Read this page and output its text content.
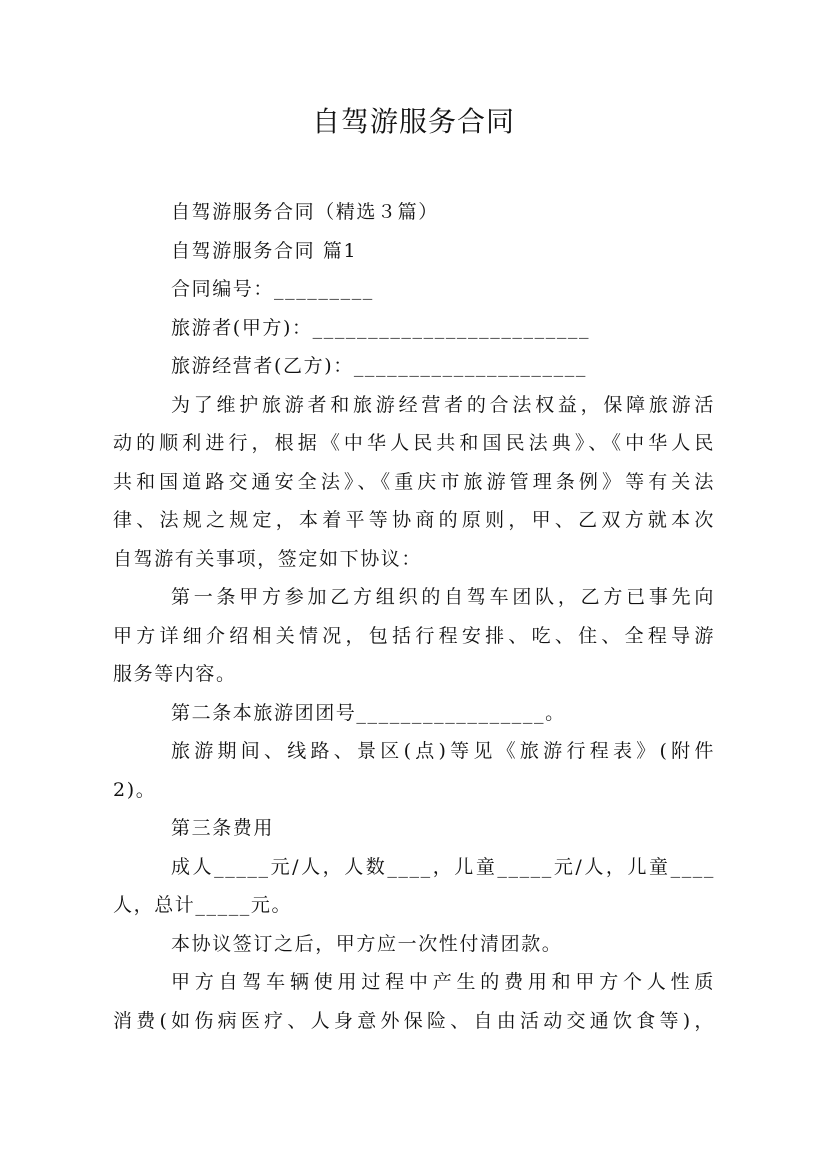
自驾游服务合同
自驾游服务合同（精选３篇）
自驾游服务合同 篇1
合同编号：_________
旅游者(甲方)：_________________________
旅游经营者(乙方)：_____________________
为了维护旅游者和旅游经营者的合法权益，保障旅游活
动的顺利进行，根据《中华人民共和国民法典》、《中华人民
共和国道路交通安全法》、《重庆市旅游管理条例》等有关法
律、法规之规定，本着平等协商的原则，甲、乙双方就本次
自驾游有关事项，签定如下协议：
第一条甲方参加乙方组织的自驾车团队，乙方已事先向
甲方详细介绍相关情况，包括行程安排、吃、住、全程导游
服务等内容。
第二条本旅游团团号_________________。
旅游期间、线路、景区(点)等见《旅游行程表》(附件
2)。
第三条费用
成人_____元/人，人数____，儿童_____元/人，儿童____
人，总计_____元。
本协议签订之后，甲方应一次性付清团款。
甲方自驾车辆使用过程中产生的费用和甲方个人性质
消费(如伤病医疗、人身意外保险、自由活动交通饮食等)，
